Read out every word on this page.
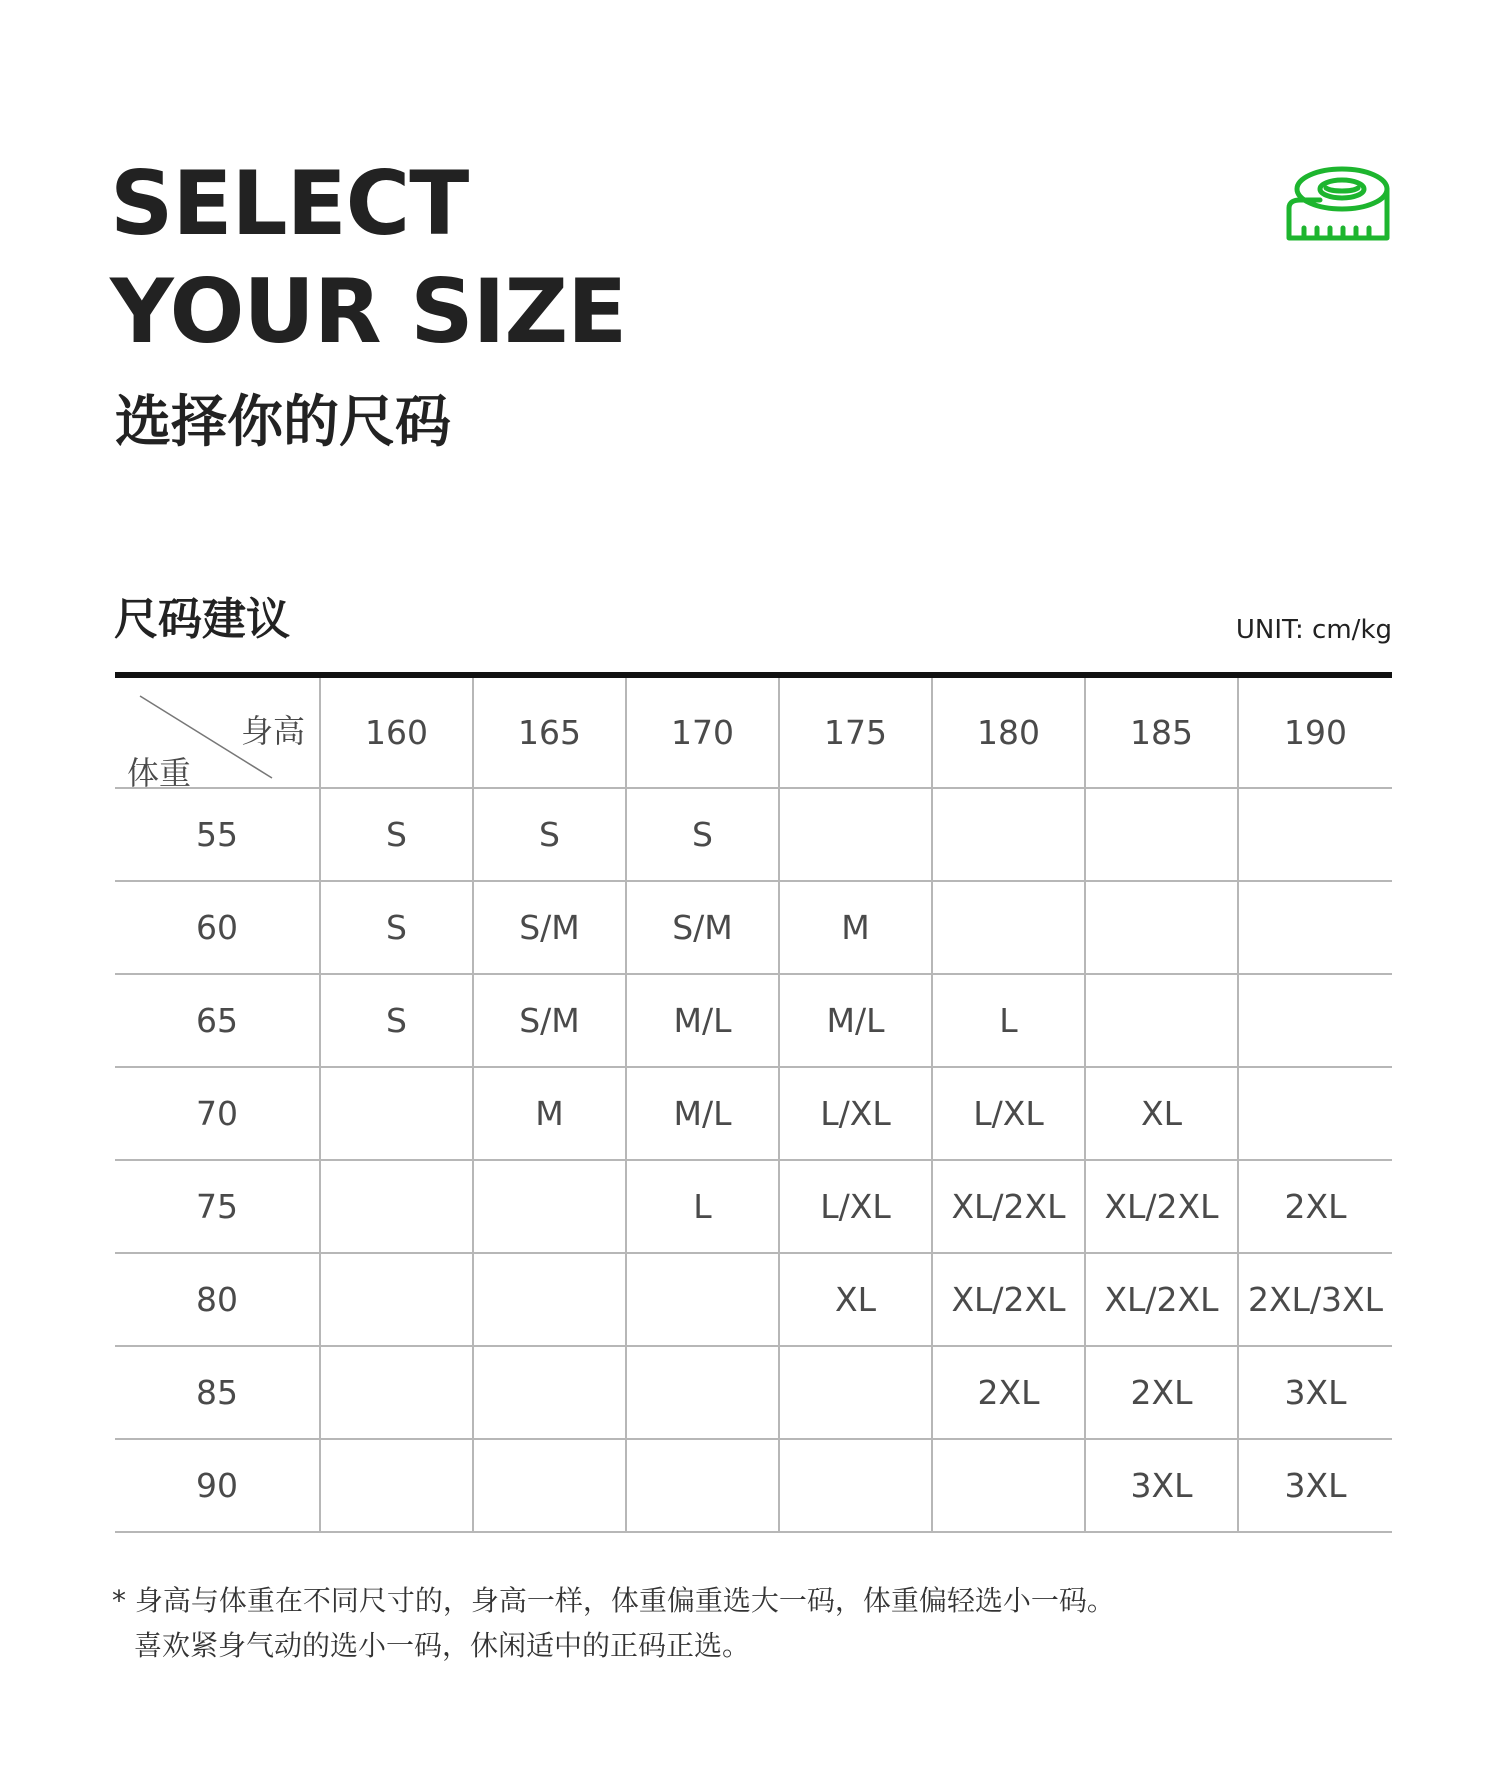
SELECT
YOUR SIZE
选择你的尺码
尺码建议	UNIT: cm/kg
身高
体重	160	165	170	175	180	185	190
55	S	S	S				
60	S	S/M	S/M	M			
65	S	S/M	M/L	M/L	L		
70		M	M/L	L/XL	L/XL	XL	
75			L	L/XL	XL/2XL	XL/2XL	2XL
80				XL	XL/2XL	XL/2XL	2XL/3XL
85					2XL	2XL	3XL
90						3XL	3XL
* 身高与体重在不同尺寸的，身高一样，体重偏重选大一码，体重偏轻选小一码。
喜欢紧身气动的选小一码，休闲适中的正码正选。
